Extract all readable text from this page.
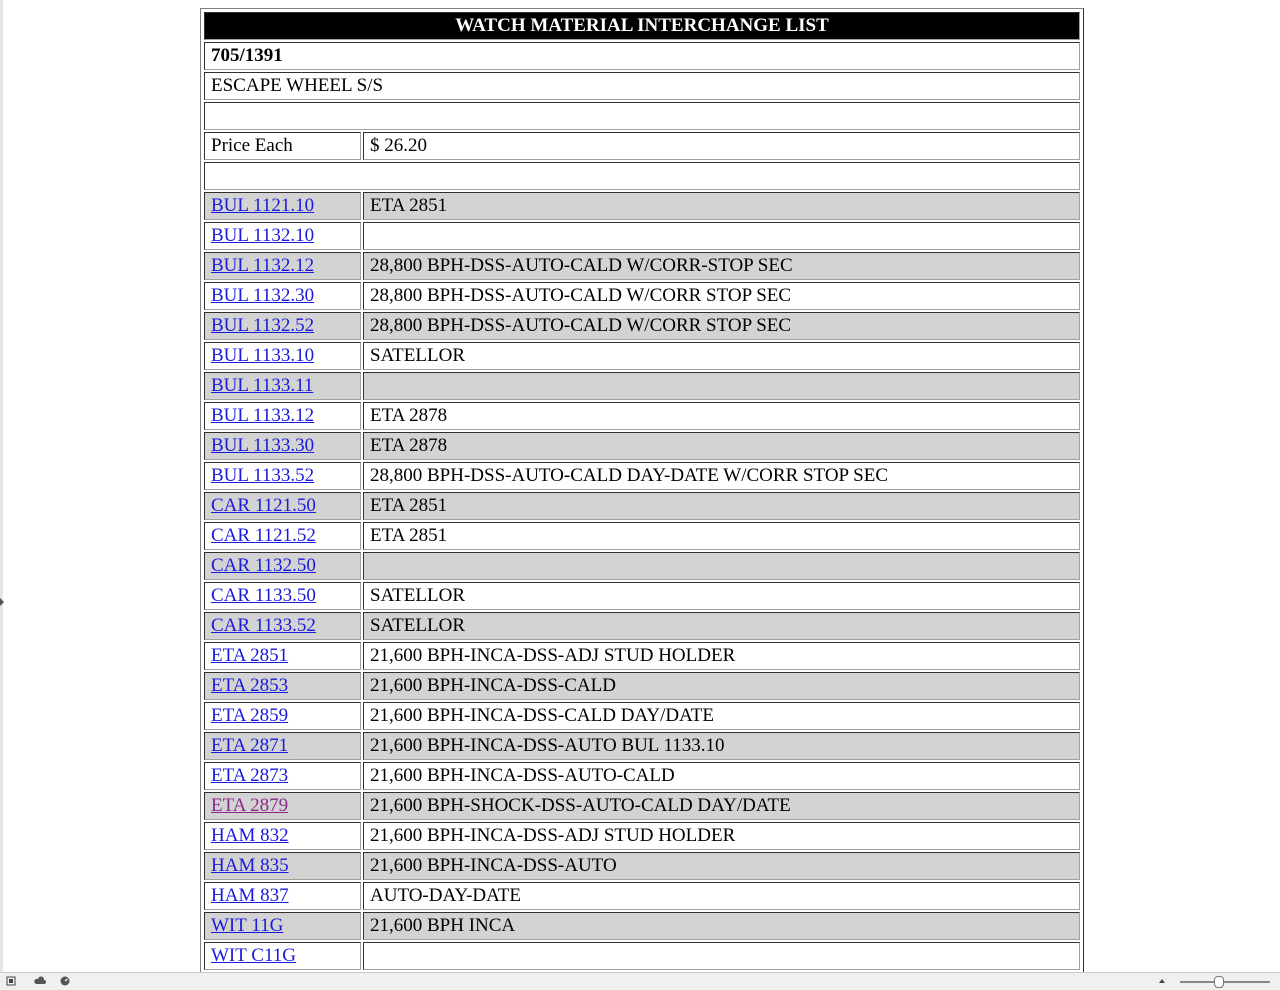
WATCH MATERIAL INTERCHANGE LIST	
705/1391	
ESCAPE WHEEL S/S	

Price Each	$ 26.20

BUL 1121.10	ETA 2851
BUL 1132.10	
BUL 1132.12	28,800 BPH-DSS-AUTO-CALD W/CORR-STOP SEC
BUL 1132.30	28,800 BPH-DSS-AUTO-CALD W/CORR STOP SEC
BUL 1132.52	28,800 BPH-DSS-AUTO-CALD W/CORR STOP SEC
BUL 1133.10	SATELLOR
BUL 1133.11	
BUL 1133.12	ETA 2878
BUL 1133.30	ETA 2878
BUL 1133.52	28,800 BPH-DSS-AUTO-CALD DAY-DATE W/CORR STOP SEC
CAR 1121.50	ETA 2851
CAR 1121.52	ETA 2851
CAR 1132.50	
CAR 1133.50	SATELLOR
CAR 1133.52	SATELLOR
ETA 2851	21,600 BPH-INCA-DSS-ADJ STUD HOLDER
ETA 2853	21,600 BPH-INCA-DSS-CALD
ETA 2859	21,600 BPH-INCA-DSS-CALD DAY/DATE
ETA 2871	21,600 BPH-INCA-DSS-AUTO BUL 1133.10
ETA 2873	21,600 BPH-INCA-DSS-AUTO-CALD
ETA 2879	21,600 BPH-SHOCK-DSS-AUTO-CALD DAY/DATE
HAM 832	21,600 BPH-INCA-DSS-ADJ STUD HOLDER
HAM 835	21,600 BPH-INCA-DSS-AUTO
HAM 837	AUTO-DAY-DATE
WIT 11G	21,600 BPH INCA
WIT C11G	
